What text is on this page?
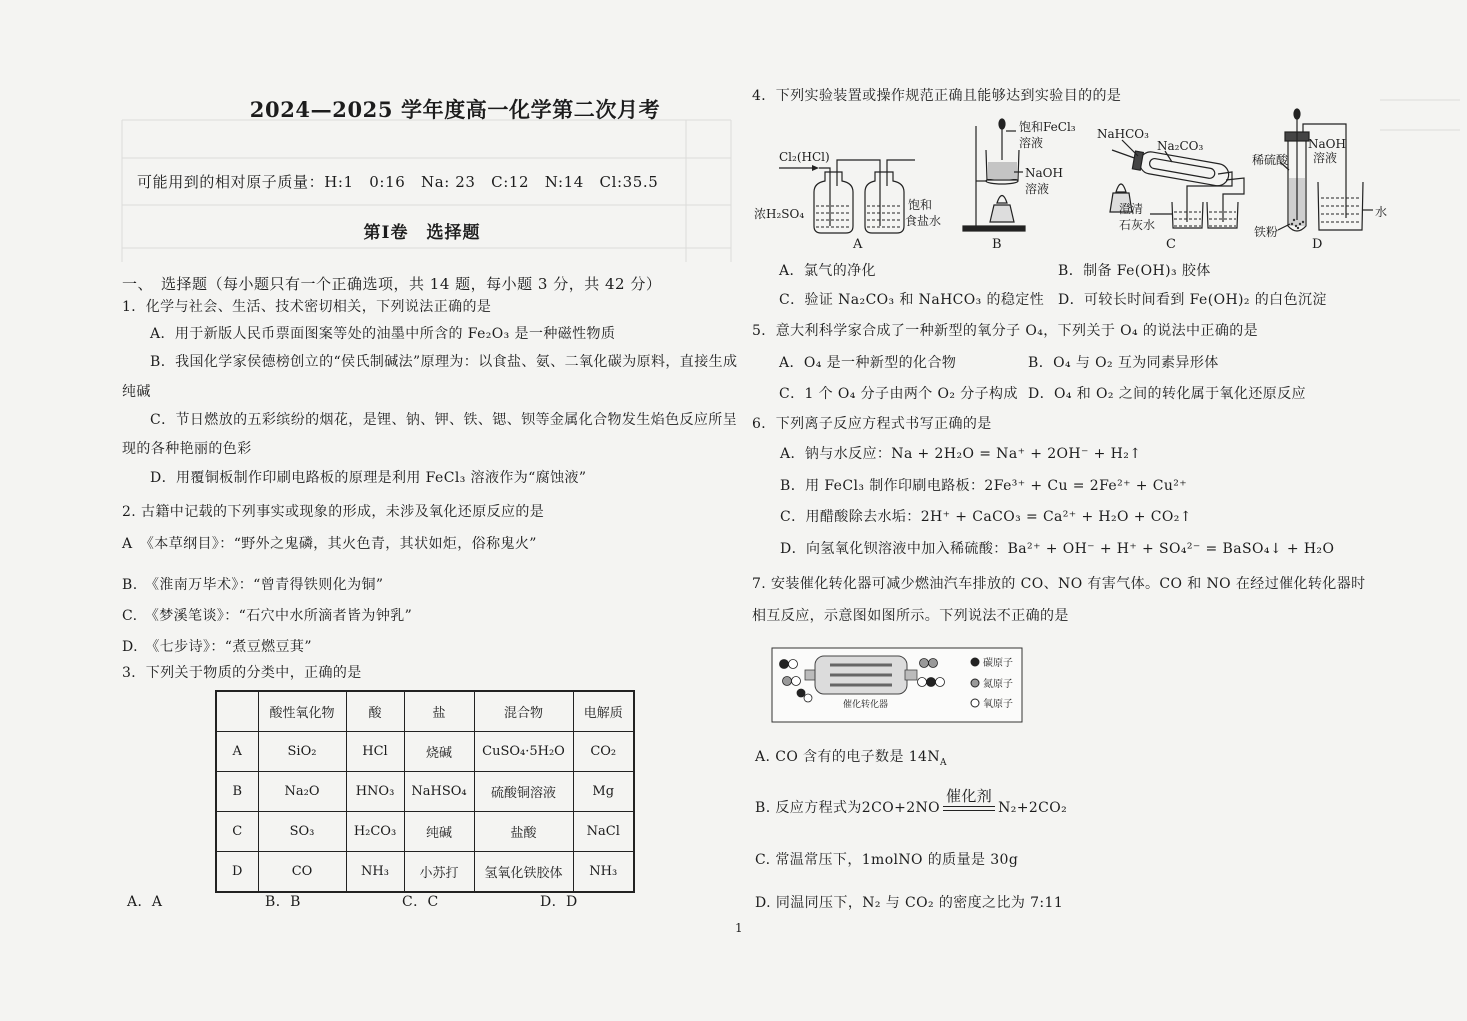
Cl₂(HCl)
浓H₂SO₄
饱和
食盐水
A
饱和FeCl₃
溶液
NaOH
溶液
B
NaHCO₃
Na₂CO₃
澄清
石灰水
C
稀硫酸
NaOH
溶液
铁粉
水
D
催化转化器
碳原子
氮原子
氧原子
2024—2025 学年度高一化学第二次月考
可能用到的相对原子质量：H:1　0:16　Na: 23　C:12　N:14　Cl:35.5
第Ⅰ卷　选择题
一、　选择题（每小题只有一个正确选项，共 14 题，每小题 3 分，共 42 分）
1．化学与社会、生活、技术密切相关，下列说法正确的是
A．用于新版人民币票面图案等处的油墨中所含的 Fe₂O₃ 是一种磁性物质
B．我国化学家侯德榜创立的“侯氏制碱法”原理为：以食盐、氨、二氧化碳为原料，直接生成
纯碱
C．节日燃放的五彩缤纷的烟花，是锂、钠、钾、铁、锶、钡等金属化合物发生焰色反应所呈
现的各种艳丽的色彩
D．用覆铜板制作印刷电路板的原理是利用 FeCl₃ 溶液作为“腐蚀液”
2. 古籍中记载的下列事实或现象的形成，未涉及氧化还原反应的是
A　《本草纲目》：“野外之鬼磷，其火色青，其状如炬，俗称鬼火”
B.　《淮南万毕术》：“曾青得铁则化为铜”
C.　《梦溪笔谈》：“石穴中水所滴者皆为钟乳”
D.　《七步诗》：“煮豆燃豆萁”
3．下列关于物质的分类中，正确的是
	酸性氧化物	酸	盐	混合物	电解质
A	SiO₂	HCl	烧碱	CuSO₄·5H₂O	CO₂
B	Na₂O	HNO₃	NaHSO₄	硫酸铜溶液	Mg
C	SO₃	H₂CO₃	纯碱	盐酸	NaCl
D	CO	NH₃	小苏打	氢氧化铁胶体	NH₃
A．A	B．B	C．C	D．D
4．下列实验装置或操作规范正确且能够达到实验目的的是
A．氯气的净化	B．制备 Fe(OH)₃ 胶体
C．验证 Na₂CO₃ 和 NaHCO₃ 的稳定性 D．可较长时间看到 Fe(OH)₂ 的白色沉淀
5．意大利科学家合成了一种新型的氧分子 O₄，下列关于 O₄ 的说法中正确的是
A．O₄ 是一种新型的化合物	B．O₄ 与 O₂ 互为同素异形体
C．1 个 O₄ 分子由两个 O₂ 分子构成 D．O₄ 和 O₂ 之间的转化属于氧化还原反应
6．下列离子反应方程式书写正确的是
A．钠与水反应：Na + 2H₂O = Na⁺ + 2OH⁻ + H₂↑
B．用 FeCl₃ 制作印刷电路板：2Fe³⁺ + Cu = 2Fe²⁺ + Cu²⁺
C．用醋酸除去水垢：2H⁺ + CaCO₃ = Ca²⁺ + H₂O + CO₂↑
D．向氢氧化钡溶液中加入稀硫酸：Ba²⁺ + OH⁻ + H⁺ + SO₄²⁻ = BaSO₄↓ + H₂O
7. 安装催化转化器可减少燃油汽车排放的 CO、NO 有害气体。CO 和 NO 在经过催化转化器时
相互反应，示意图如图所示。下列说法不正确的是
A. CO 含有的电子数是 $14N_A$
B. 反应方程式为2CO+2NO
催化剂
N₂+2CO₂
C. 常温常压下，1molNO 的质量是 30g
D. 同温同压下，N₂ 与 CO₂ 的密度之比为 7:11
1
